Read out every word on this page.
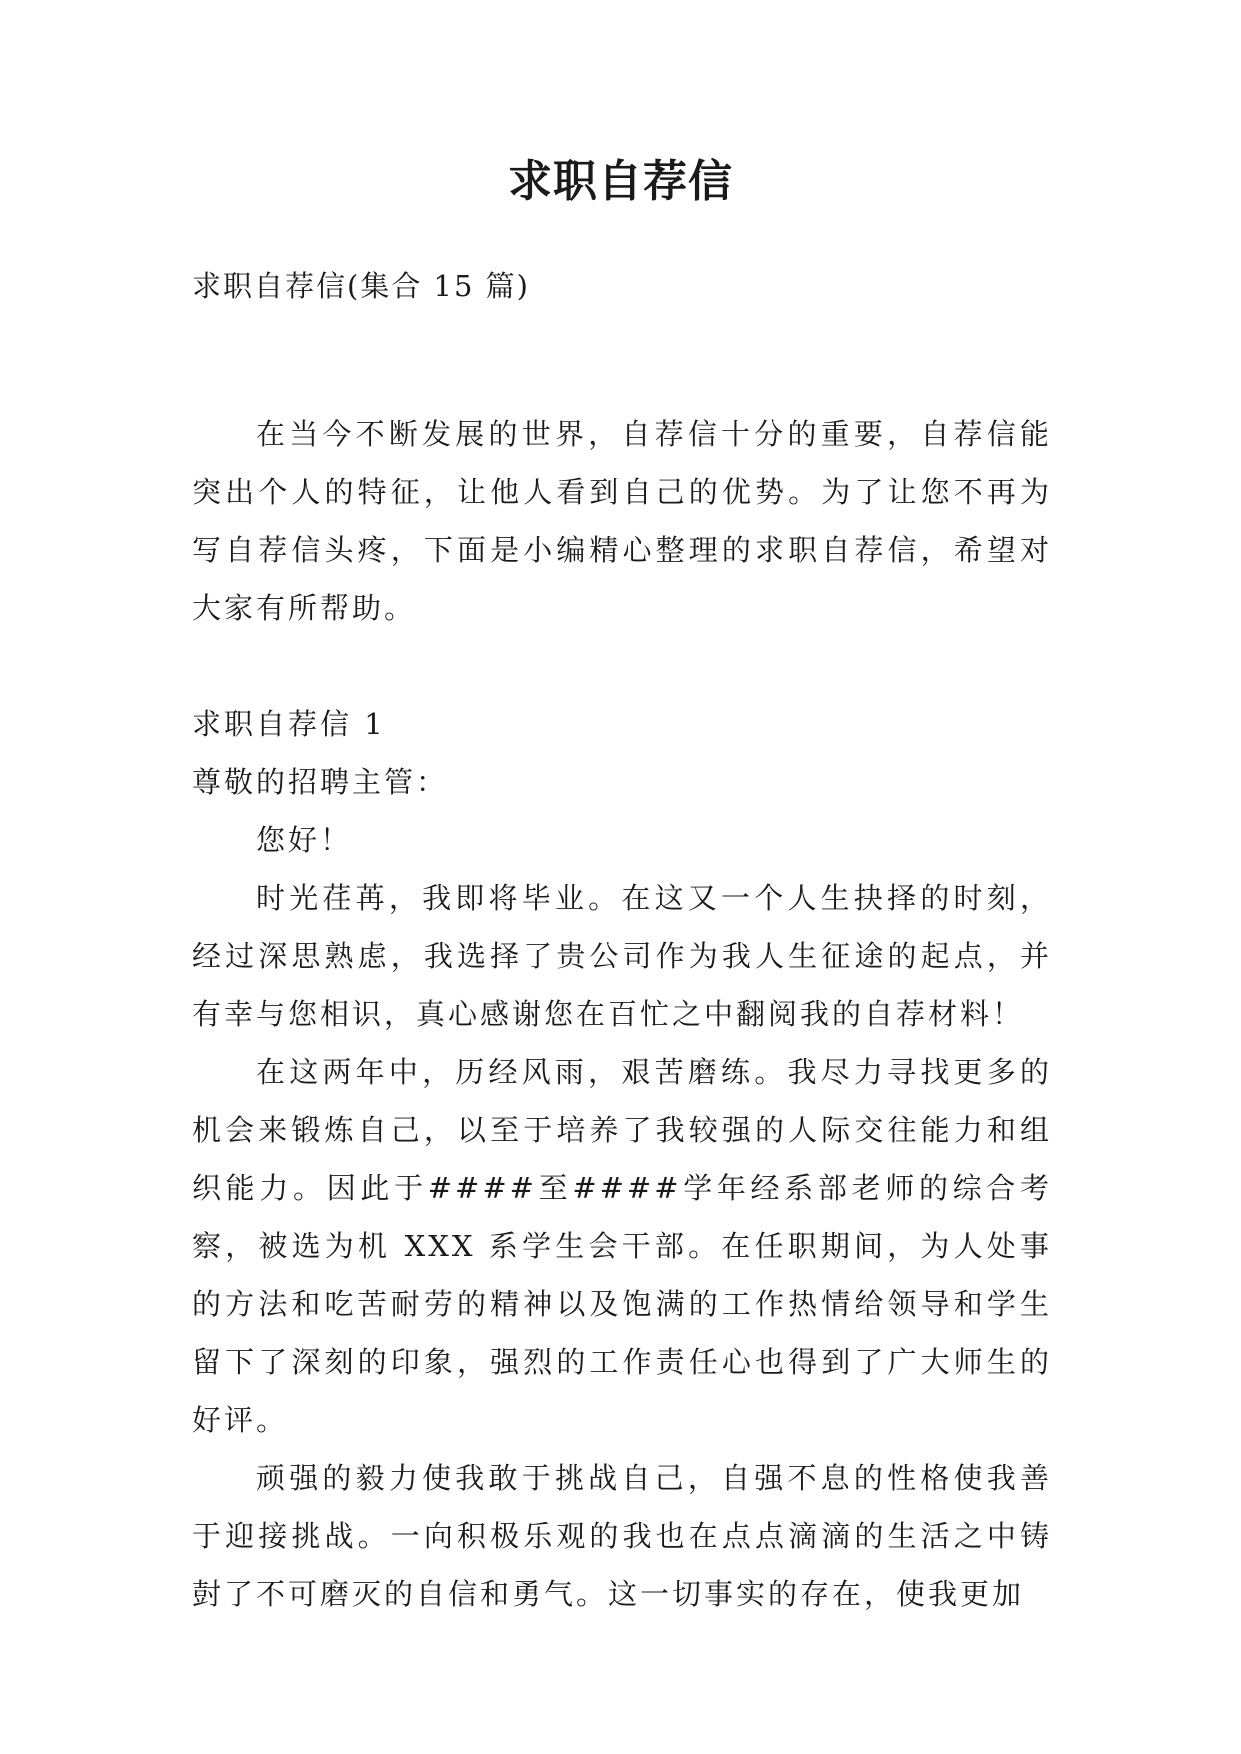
求职自荐信
求职自荐信(集合 15 篇)

在当今不断发展的世界，自荐信十分的重要，自荐信能突出个人的特征，让他人看到自己的优势。为了让您不再为写自荐信头疼，下面是小编精心整理的求职自荐信，希望对大家有所帮助。

求职自荐信 1

尊敬的招聘主管：

您好！

时光荏苒，我即将毕业。在这又一个人生抉择的时刻，经过深思熟虑，我选择了贵公司作为我人生征途的起点，并有幸与您相识，真心感谢您在百忙之中翻阅我的自荐材料！

在这两年中，历经风雨，艰苦磨练。我尽力寻找更多的机会来锻炼自己，以至于培养了我较强的人际交往能力和组织能力。因此于####至####学年经系部老师的综合考察，被选为机 XXX 系学生会干部。在任职期间，为人处事的方法和吃苦耐劳的精神以及饱满的工作热情给领导和学生留下了深刻的印象，强烈的工作责任心也得到了广大师生的好评。

顽强的毅力使我敢于挑战自己，自强不息的性格使我善于迎接挑战。一向积极乐观的我也在点点滴滴的生活之中铸尌了不可磨灭的自信和勇气。这一切事实的存在，使我更加
